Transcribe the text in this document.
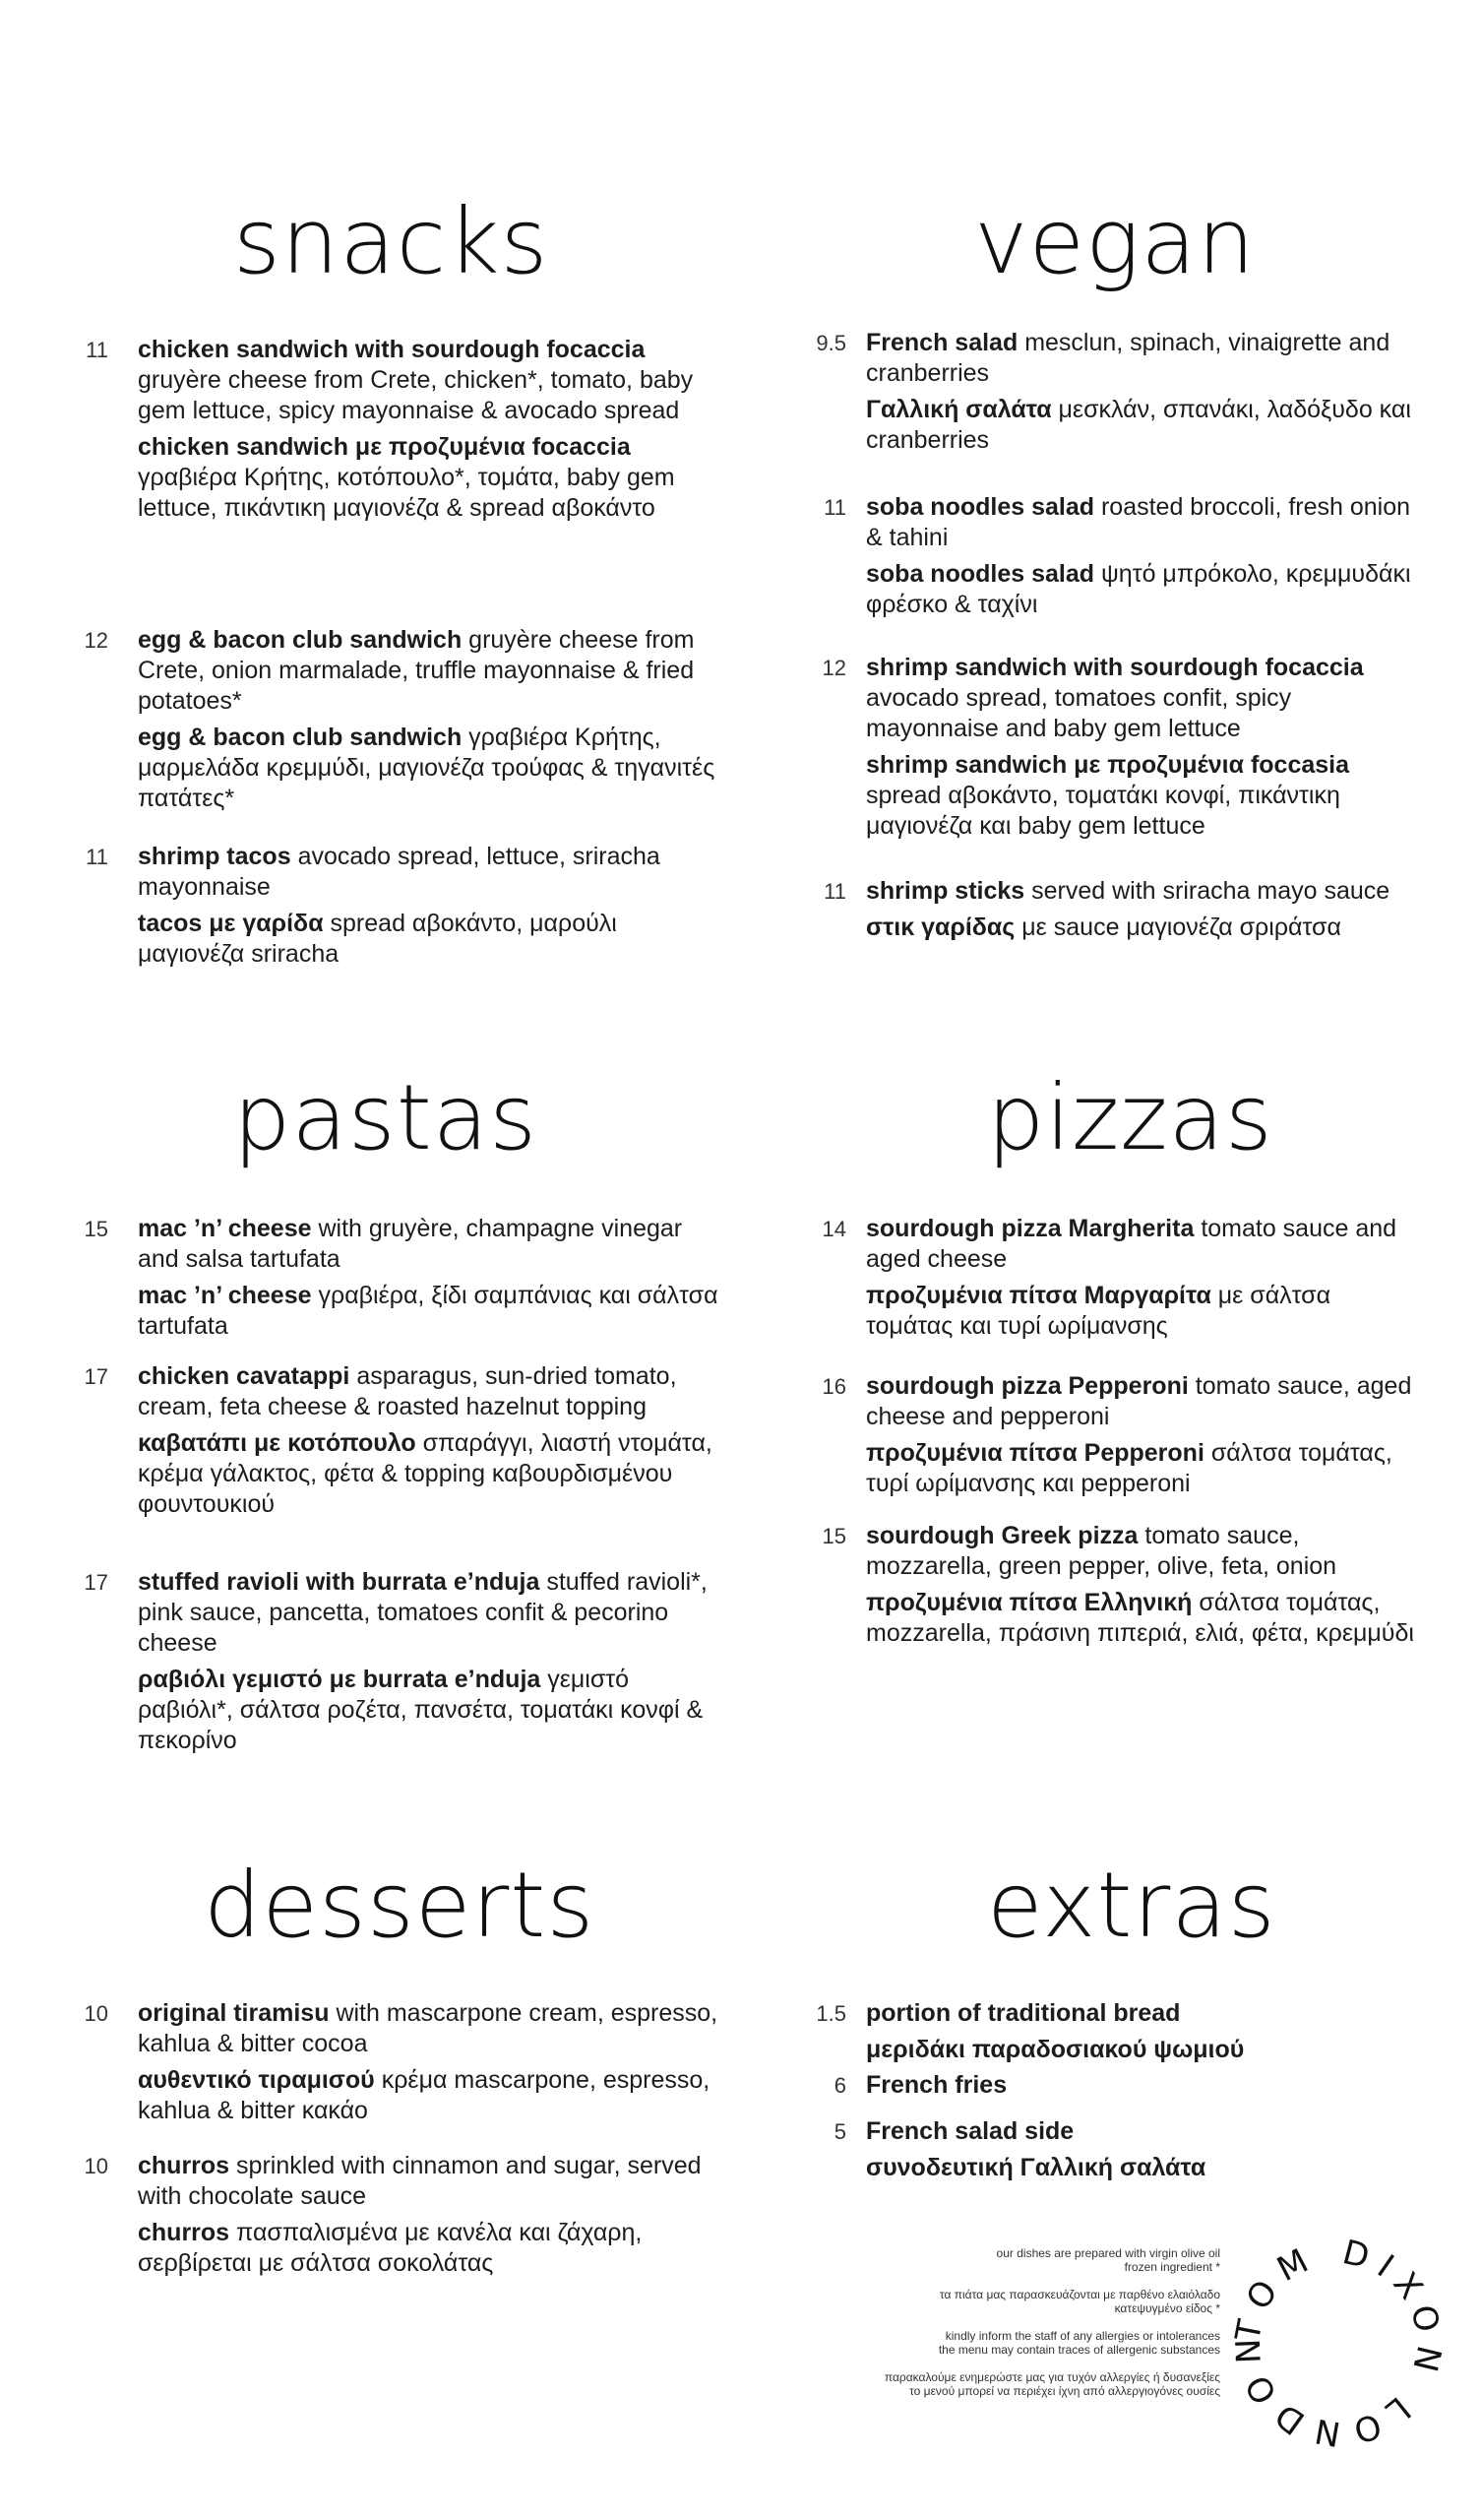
snacks
11 chicken sandwich with sourdough focaccia gruyère cheese from Crete, chicken*, tomato, baby gem lettuce, spicy mayonnaise & avocado spread
chicken sandwich με προζυμένια focaccia γραβιέρα Κρήτης, κοτόπουλο*, τομάτα, baby gem lettuce, πικάντικη μαγιονέζα & spread αβοκάντο
12 egg & bacon club sandwich gruyère cheese from Crete, onion marmalade, truffle mayonnaise & fried potatoes*
egg & bacon club sandwich γραβιέρα Κρήτης, μαρμελάδα κρεμμύδι, μαγιονέζα τρούφας & τηγανιτές πατάτες*
11 shrimp tacos avocado spread, lettuce, sriracha mayonnaise
tacos με γαρίδα spread αβοκάντο, μαρούλι μαγιονέζα sriracha
vegan
9.5 French salad mesclun, spinach, vinaigrette and cranberries
Γαλλική σαλάτα μεσκλάν, σπανάκι, λαδόξυδο και cranberries
11 soba noodles salad roasted broccoli, fresh onion & tahini
soba noodles salad ψητό μπρόκολο, κρεμμυδάκι φρέσκο & ταχίνι
12 shrimp sandwich with sourdough focaccia avocado spread, tomatoes confit, spicy mayonnaise and baby gem lettuce
shrimp sandwich με προζυμένια foccasia spread αβοκάντο, τοματάκι κονφί, πικάντικη μαγιονέζα και baby gem lettuce
11 shrimp sticks served with sriracha mayo sauce
στικ γαρίδας με sauce μαγιονέζα σριράτσα
pastas
15 mac ’n’ cheese with gruyère, champagne vinegar and salsa tartufata
mac ’n’ cheese γραβιέρα, ξίδι σαμπάνιας και σάλτσα tartufata
17 chicken cavatappi asparagus, sun-dried tomato, cream, feta cheese & roasted hazelnut topping
καβατάπι με κοτόπουλο σπαράγγι, λιαστή ντομάτα, κρέμα γάλακτος, φέτα & topping καβουρδισμένου φουντουκιού
17 stuffed ravioli with burrata e’nduja stuffed ravioli*, pink sauce, pancetta, tomatoes confit & pecorino cheese
ραβιόλι γεμιστό με burrata e’nduja γεμιστό ραβιόλι*, σάλτσα ροζέτα, πανσέτα, τοματάκι κονφί & πεκορίνο
pizzas
14 sourdough pizza Margherita tomato sauce and aged cheese
προζυμένια πίτσα Μαργαρίτα με σάλτσα τομάτας και τυρί ωρίμανσης
16 sourdough pizza Pepperoni tomato sauce, aged cheese and pepperoni
προζυμένια πίτσα Pepperoni σάλτσα τομάτας, τυρί ωρίμανσης και pepperoni
15 sourdough Greek pizza tomato sauce, mozzarella, green pepper, olive, feta, onion
προζυμένια πίτσα Ελληνική σάλτσα τομάτας, mozzarella, πράσινη πιπεριά, ελιά, φέτα, κρεμμύδι
desserts
10 original tiramisu with mascarpone cream, espresso, kahlua & bitter cocoa
αυθεντικό τιραμισού κρέμα mascarpone, espresso, kahlua & bitter κακάο
10 churros sprinkled with cinnamon and sugar, served with chocolate sauce
churros πασπαλισμένα με κανέλα και ζάχαρη, σερβίρεται με σάλτσα σοκολάτας
extras
1.5 portion of traditional bread
μεριδάκι παραδοσιακού ψωμιού
6 French fries
5 French salad side
συνοδευτική Γαλλική σαλάτα

our dishes are prepared with virgin olive oil
frozen ingredient *

τα πιάτα μας παρασκευάζονται με παρθένο ελαιόλαδο
κατεψυγμένο είδος *

kindly inform the staff of any allergies or intolerances
the menu may contain traces of allergenic substances

παρακαλούμε ενημερώστε μας για τυχόν αλλεργίες ή δυσανεξίες
το μενού μπορεί να περιέχει ίχνη από αλλεργιογόνες ουσίες

TOM DIXON LONDON
